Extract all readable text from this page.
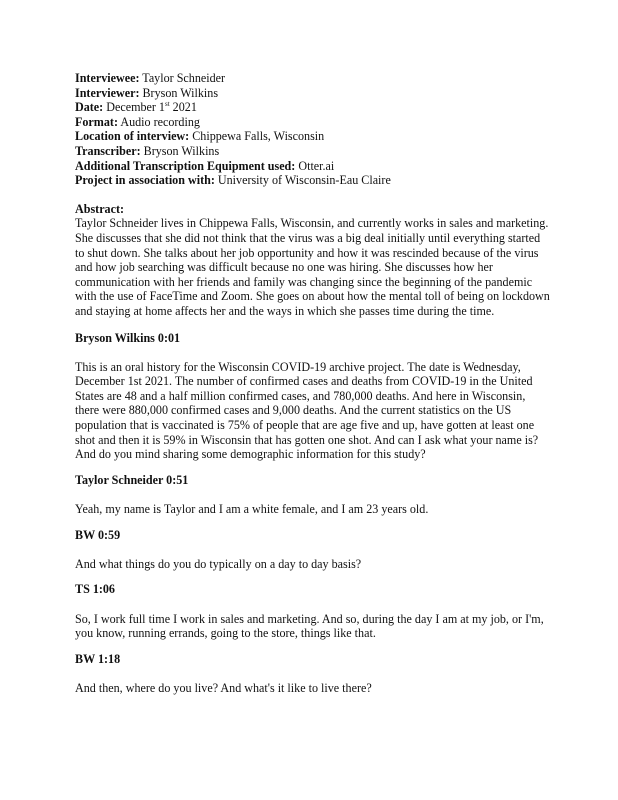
Interviewee: Taylor Schneider
Interviewer: Bryson Wilkins
Date: December 1st 2021
Format: Audio recording
Location of interview: Chippewa Falls, Wisconsin
Transcriber: Bryson Wilkins
Additional Transcription Equipment used: Otter.ai
Project in association with: University of Wisconsin-Eau Claire
Abstract:

Taylor Schneider lives in Chippewa Falls, Wisconsin, and currently works in sales and marketing. She discusses that she did not think that the virus was a big deal initially until everything started to shut down. She talks about her job opportunity and how it was rescinded because of the virus and how job searching was difficult because no one was hiring. She discusses how her communication with her friends and family was changing since the beginning of the pandemic with the use of FaceTime and Zoom. She goes on about how the mental toll of being on lockdown and staying at home affects her and the ways in which she passes time during the time.

Bryson Wilkins 0:01

This is an oral history for the Wisconsin COVID-19 archive project. The date is Wednesday, December 1st 2021. The number of confirmed cases and deaths from COVID-19 in the United States are 48 and a half million confirmed cases, and 780,000 deaths. And here in Wisconsin, there were 880,000 confirmed cases and 9,000 deaths. And the current statistics on the US population that is vaccinated is 75% of people that are age five and up, have gotten at least one shot and then it is 59% in Wisconsin that has gotten one shot. And can I ask what your name is? And do you mind sharing some demographic information for this study?

Taylor Schneider 0:51

Yeah, my name is Taylor and I am a white female, and I am 23 years old.

BW 0:59

And what things do you do typically on a day to day basis?

TS 1:06

So, I work full time I work in sales and marketing. And so, during the day I am at my job, or I'm, you know, running errands, going to the store, things like that.

BW 1:18

And then, where do you live? And what's it like to live there?
